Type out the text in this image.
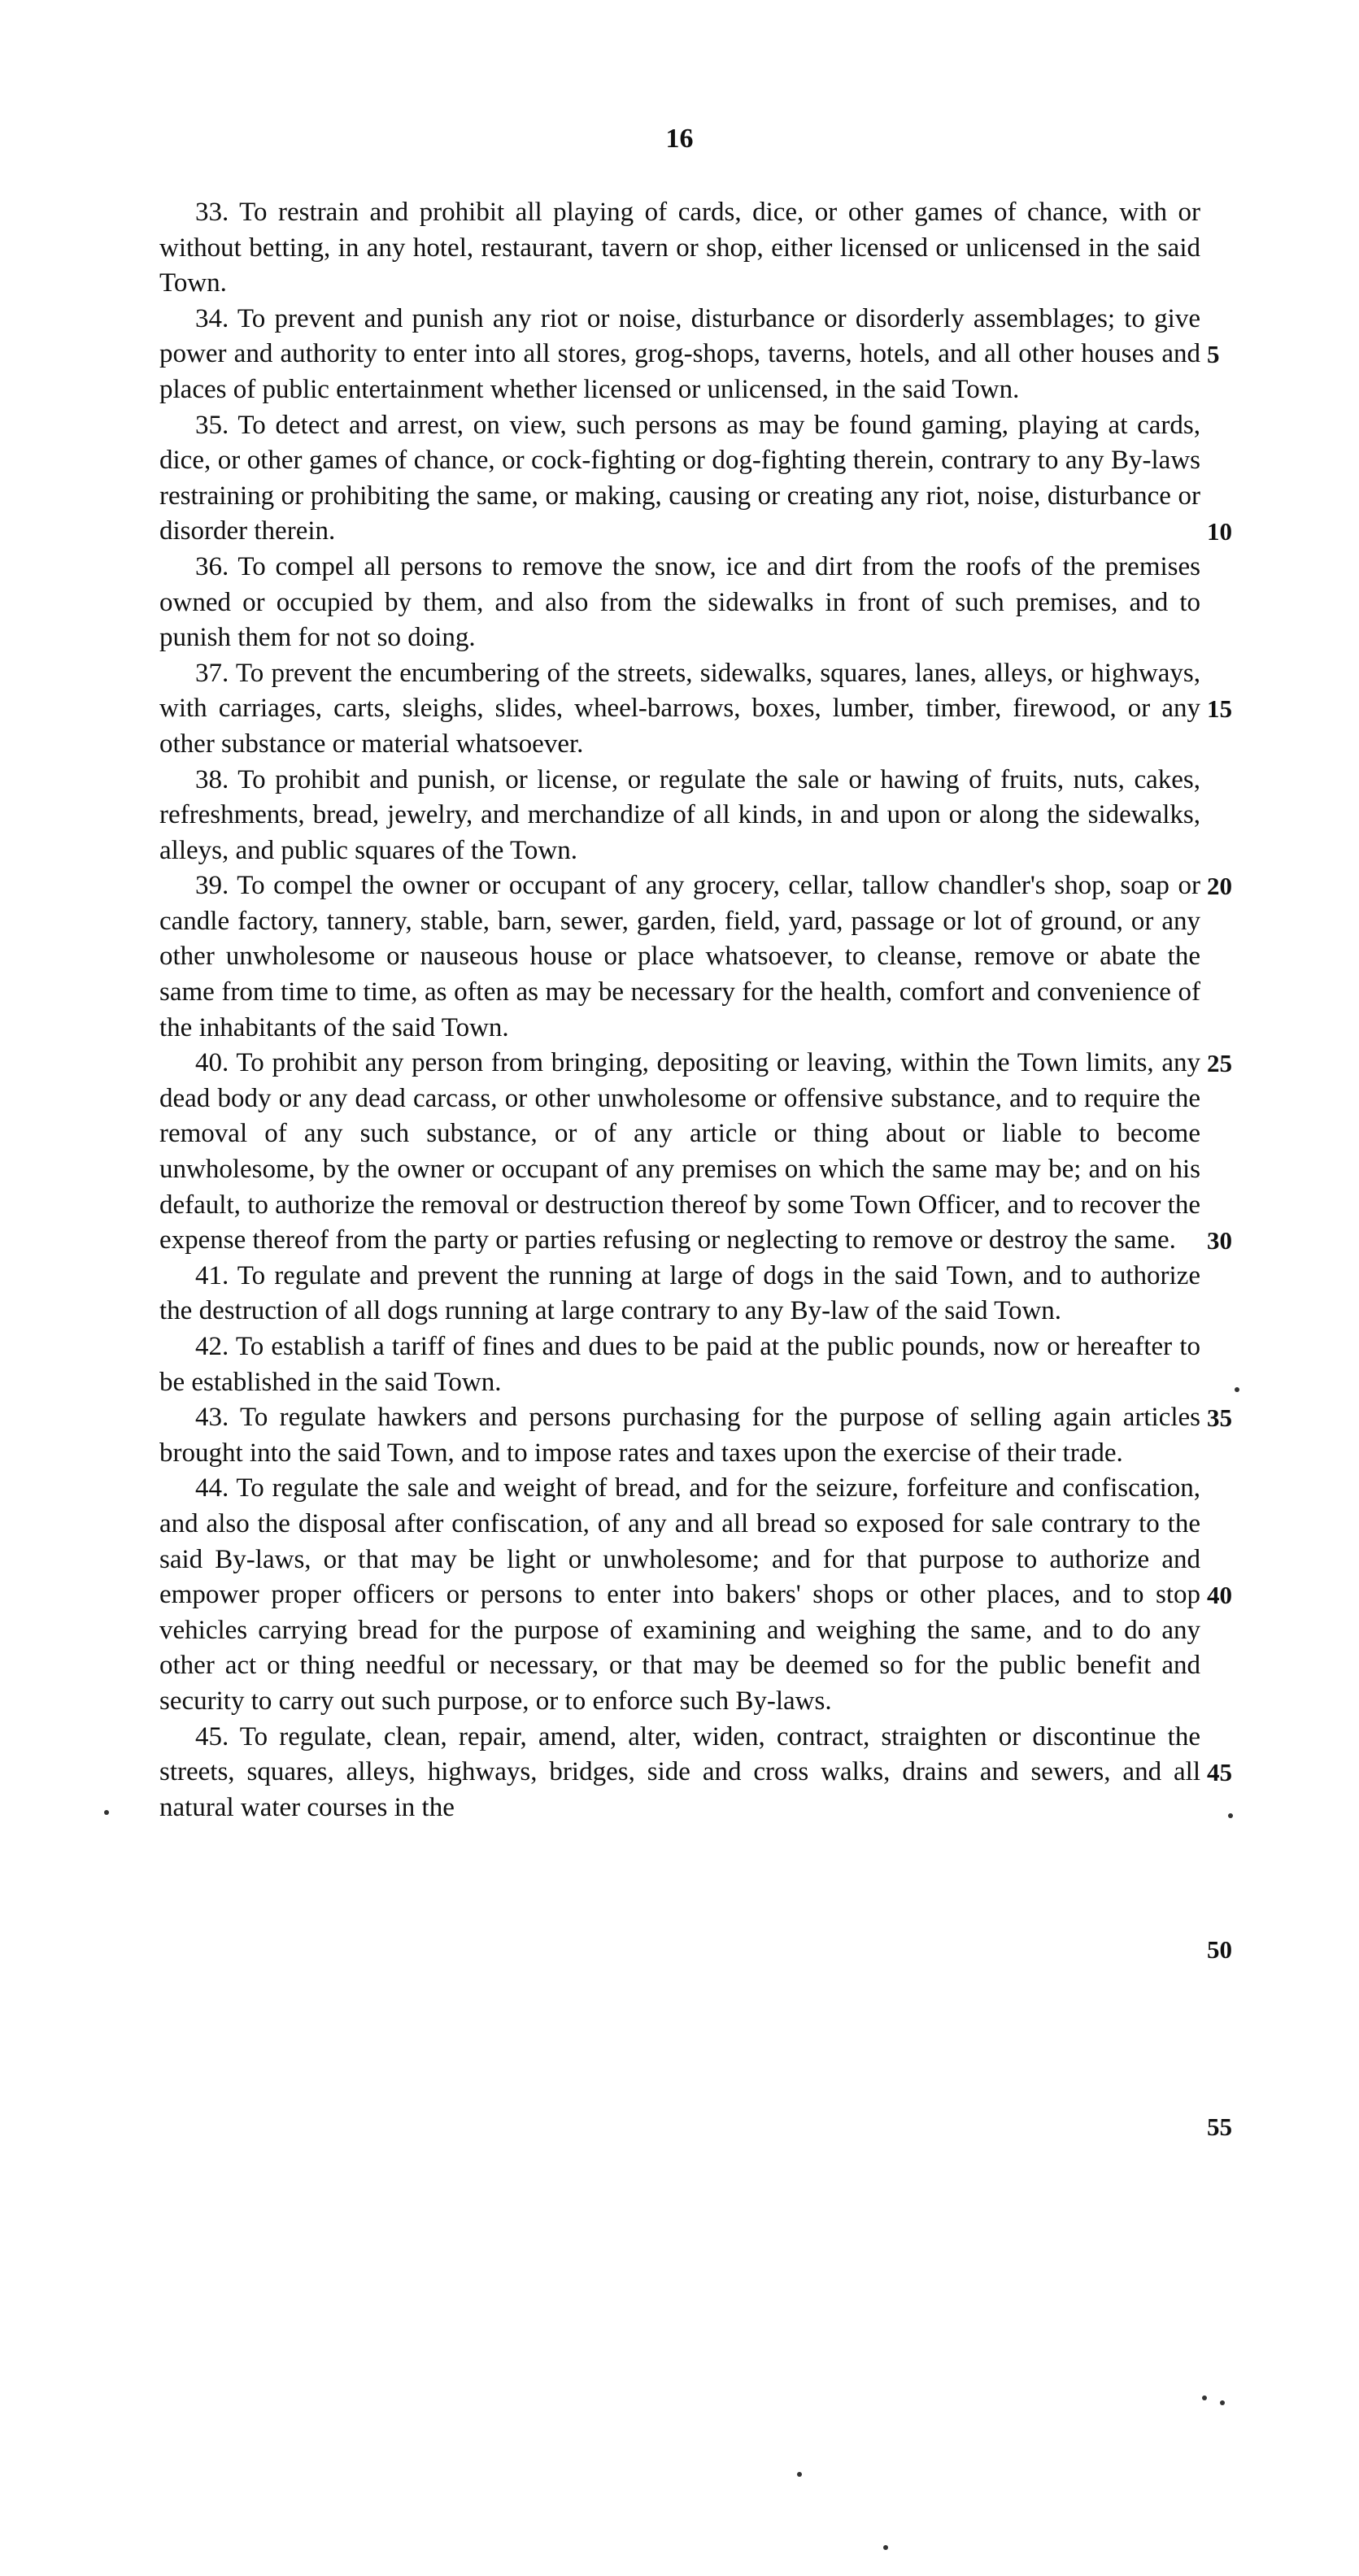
16

33. To restrain and prohibit all playing of cards, dice, or other games of chance, with or without betting, in any hotel, restaurant, tavern or shop, either licensed or unlicensed in the said Town.

34. To prevent and punish any riot or noise, disturbance or disorderly assemblages; to give power and authority to enter into all stores, grog-shops, taverns, hotels, and all other houses and places of public entertainment whether licensed or unlicensed, in the said Town.

35. To detect and arrest, on view, such persons as may be found gaming, playing at cards, dice, or other games of chance, or cock-fighting or dog-fighting therein, contrary to any By-laws restraining or prohibiting the same, or making, causing or creating any riot, noise, disturbance or disorder therein.

36. To compel all persons to remove the snow, ice and dirt from the roofs of the premises owned or occupied by them, and also from the sidewalks in front of such premises, and to punish them for not so doing.

37. To prevent the encumbering of the streets, sidewalks, squares, lanes, alleys, or highways, with carriages, carts, sleighs, slides, wheel-barrows, boxes, lumber, timber, firewood, or any other substance or material whatsoever.

38. To prohibit and punish, or license, or regulate the sale or hawing of fruits, nuts, cakes, refreshments, bread, jewelry, and merchandize of all kinds, in and upon or along the sidewalks, alleys, and public squares of the Town.

39. To compel the owner or occupant of any grocery, cellar, tallow chandler's shop, soap or candle factory, tannery, stable, barn, sewer, garden, field, yard, passage or lot of ground, or any other unwholesome or nauseous house or place whatsoever, to cleanse, remove or abate the same from time to time, as often as may be necessary for the health, comfort and convenience of the inhabitants of the said Town.

40. To prohibit any person from bringing, depositing or leaving, within the Town limits, any dead body or any dead carcass, or other unwholesome or offensive substance, and to require the removal of any such substance, or of any article or thing about or liable to become unwholesome, by the owner or occupant of any premises on which the same may be; and on his default, to authorize the removal or destruction thereof by some Town Officer, and to recover the expense thereof from the party or parties refusing or neglecting to remove or destroy the same.

41. To regulate and prevent the running at large of dogs in the said Town, and to authorize the destruction of all dogs running at large contrary to any By-law of the said Town.

42. To establish a tariff of fines and dues to be paid at the public pounds, now or hereafter to be established in the said Town.

43. To regulate hawkers and persons purchasing for the purpose of selling again articles brought into the said Town, and to impose rates and taxes upon the exercise of their trade.

44. To regulate the sale and weight of bread, and for the seizure, forfeiture and confiscation, and also the disposal after confiscation, of any and all bread so exposed for sale contrary to the said By-laws, or that may be light or unwholesome; and for that purpose to authorize and empower proper officers or persons to enter into bakers' shops or other places, and to stop vehicles carrying bread for the purpose of examining and weighing the same, and to do any other act or thing needful or necessary, or that may be deemed so for the public benefit and security to carry out such purpose, or to enforce such By-laws.

45. To regulate, clean, repair, amend, alter, widen, contract, straighten or discontinue the streets, squares, alleys, highways, bridges, side and cross walks, drains and sewers, and all natural water courses in the

5
10
15
20
25
30
35
40
45
50
55
